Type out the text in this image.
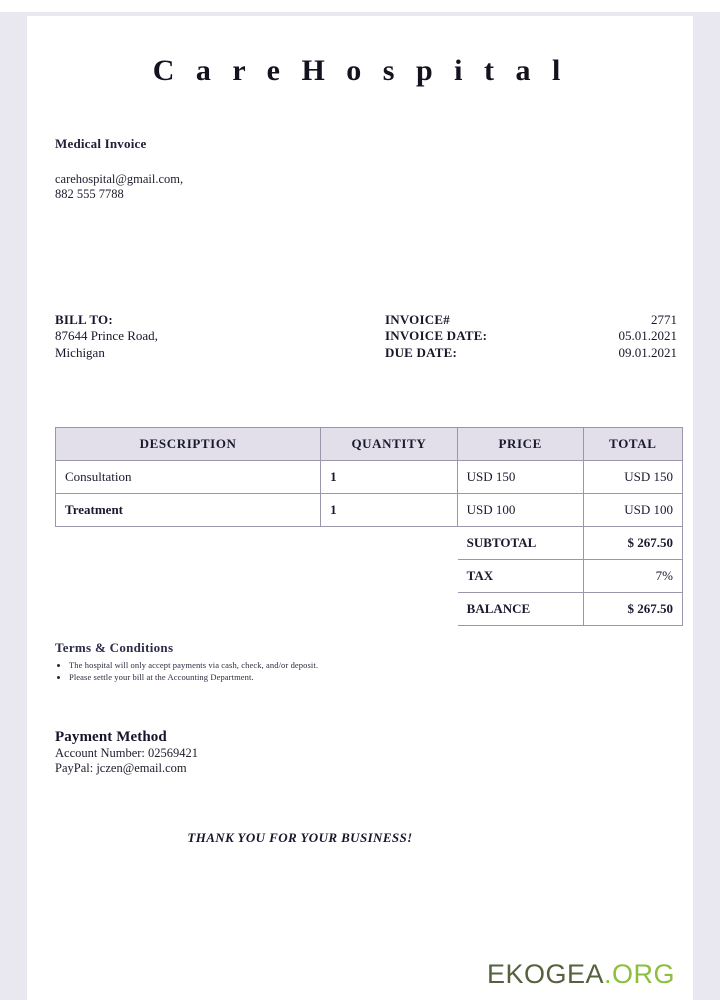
C a r e H o s p i t a l
Medical Invoice
carehospital@gmail.com,
882 555 7788
BILL TO:
87644 Prince Road,
Michigan
INVOICE#	2771
INVOICE DATE:	05.01.2021
DUE DATE:	09.01.2021
DESCRIPTION	QUANTITY	PRICE	TOTAL
Consultation	1	USD 150	USD 150
Treatment	1	USD 100	USD 100
		SUBTOTAL	$ 267.50
		TAX	7%
		BALANCE	$ 267.50
Terms & Conditions
• The hospital will only accept payments via cash, check, and/or deposit.
• Please settle your bill at the Accounting Department.
Payment Method
Account Number: 02569421
PayPal: jczen@email.com
THANK YOU FOR YOUR BUSINESS!
EKOGEA.ORG
